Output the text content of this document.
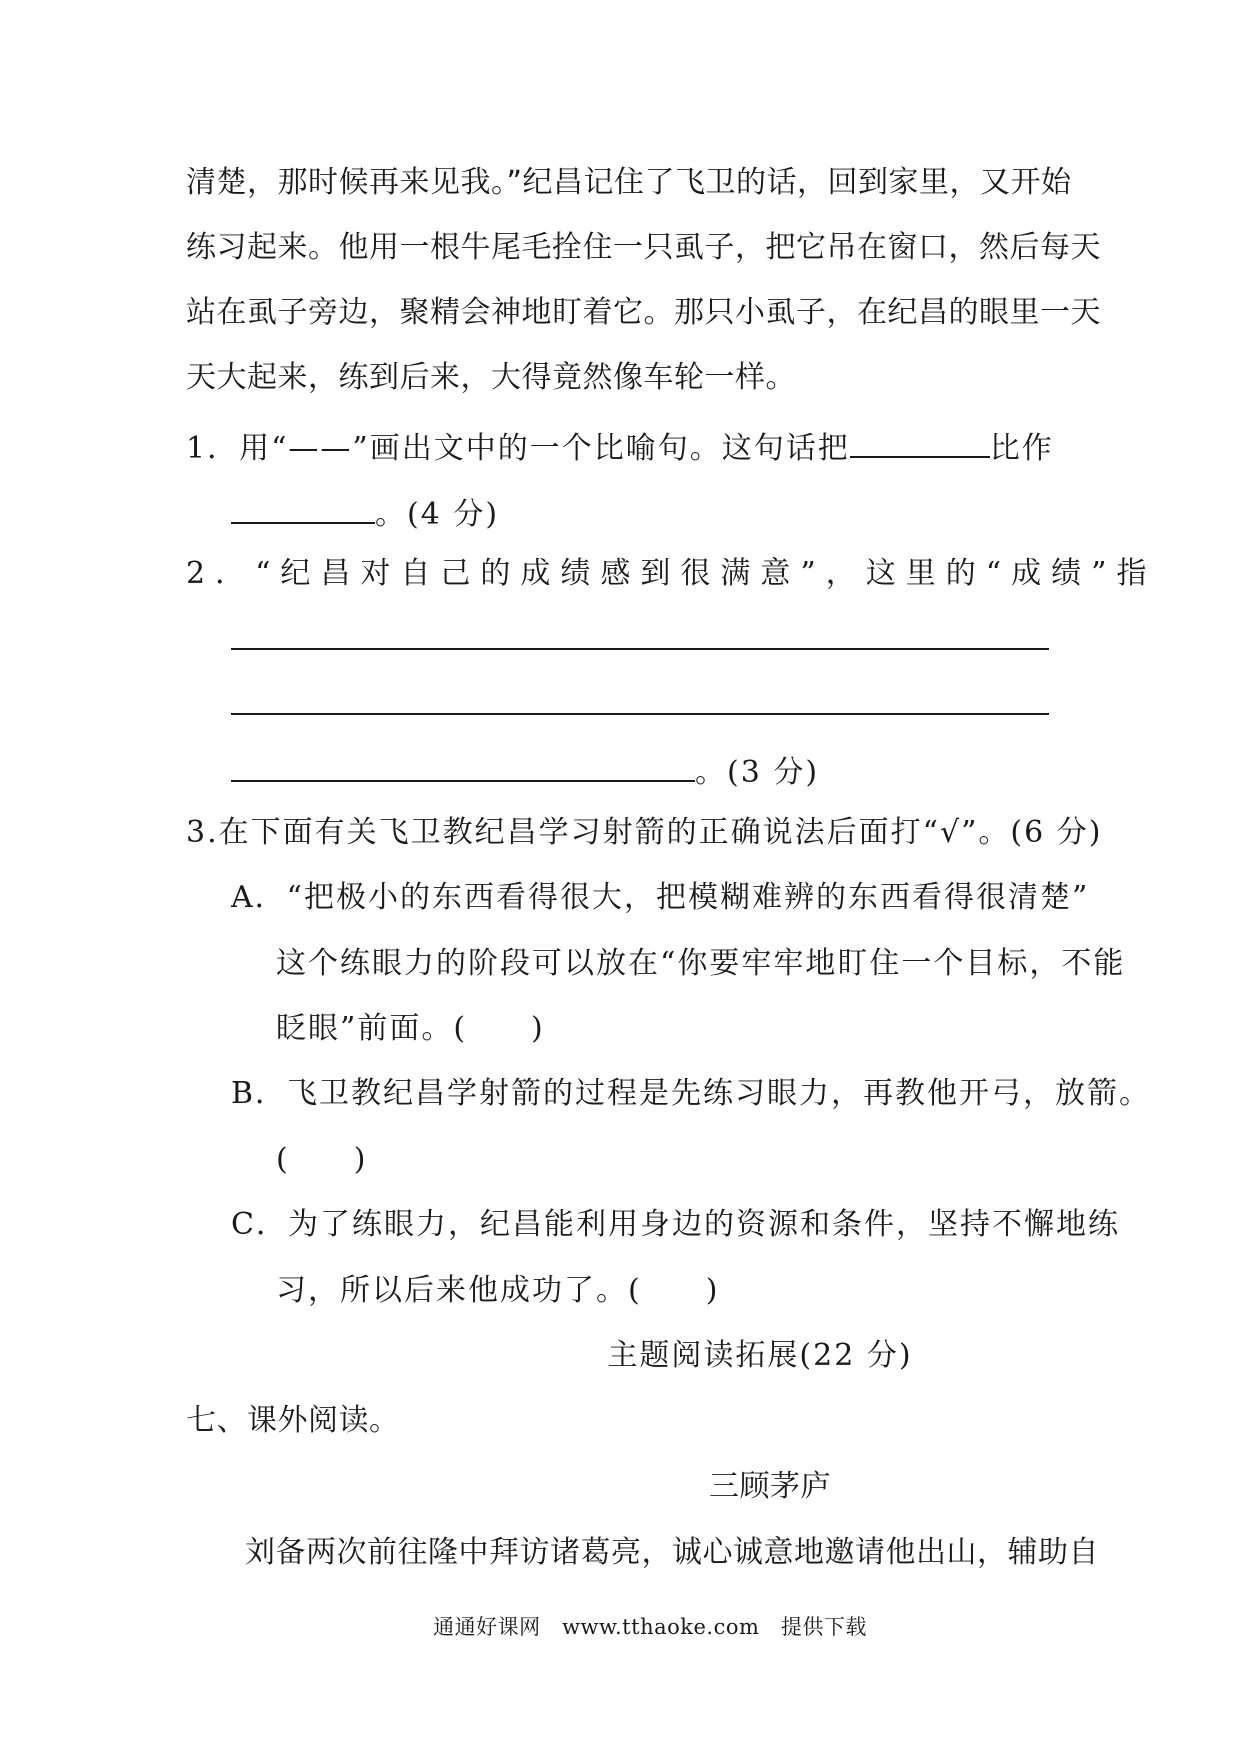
清楚，那时候再来见我。”纪昌记住了飞卫的话，回到家里，又开始
练习起来。他用一根牛尾毛拴住一只虱子，把它吊在窗口，然后每天
站在虱子旁边，聚精会神地盯着它。那只小虱子，在纪昌的眼里一天
天大起来，练到后来，大得竟然像车轮一样。
1．用“——”画出文中的一个比喻句。这句话把	比作
。(4 分)
2．“纪昌对自己的成绩感到很满意”，这里的“成绩”指
。(3 分)
3.在下面有关飞卫教纪昌学习射箭的正确说法后面打“√”。(6 分)
A．“把极小的东西看得很大，把模糊难辨的东西看得很清楚”
这个练眼力的阶段可以放在“你要牢牢地盯住一个目标，不能
眨眼”前面。(　　)
B．飞卫教纪昌学射箭的过程是先练习眼力，再教他开弓，放箭。
(　　)
C．为了练眼力，纪昌能利用身边的资源和条件，坚持不懈地练
习，所以后来他成功了。(　　)
主题阅读拓展(22 分)
七、课外阅读。
三顾茅庐
刘备两次前往隆中拜访诸葛亮，诚心诚意地邀请他出山，辅助自
通通好课网　www.tthaoke.com　提供下载
